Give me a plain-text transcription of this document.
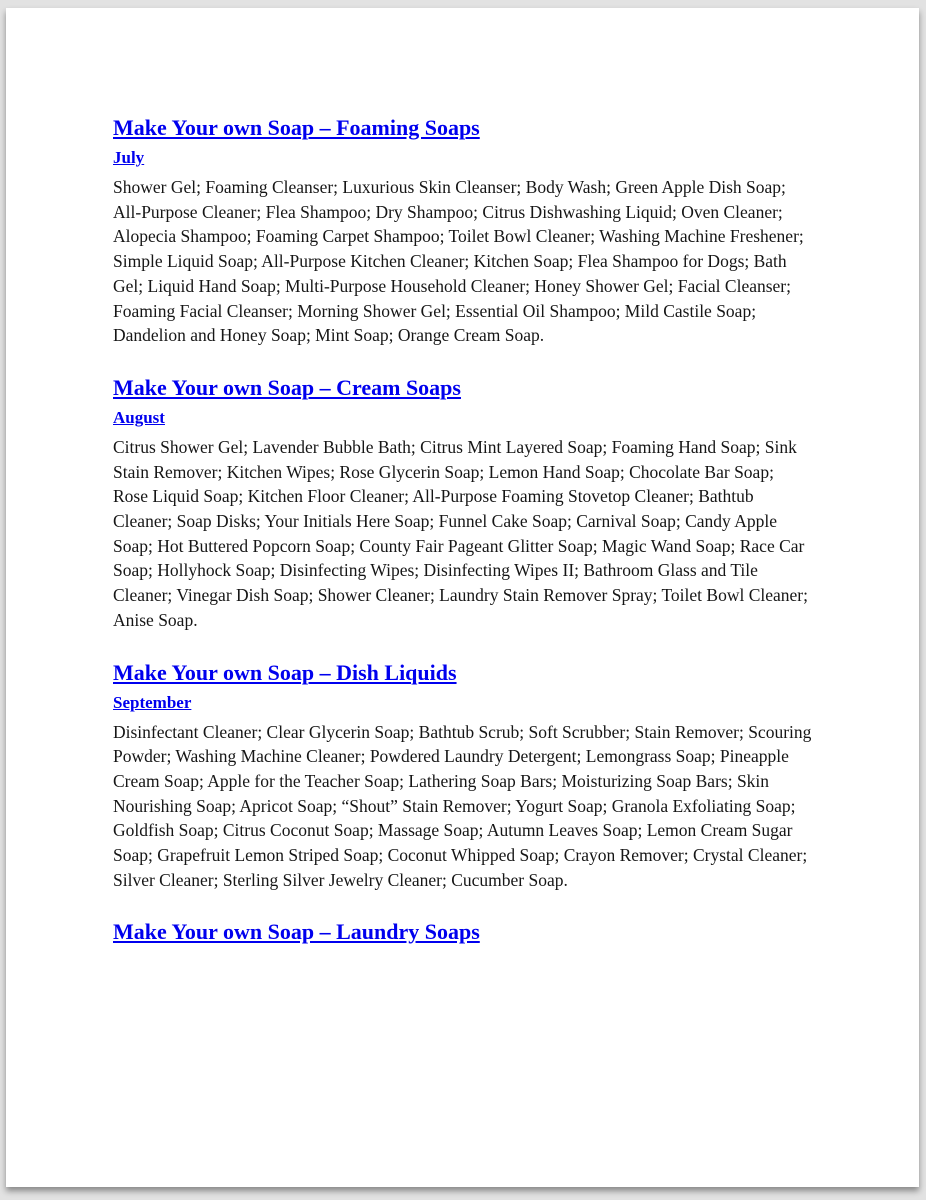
Make Your own Soap – Foaming Soaps
July

Shower Gel; Foaming Cleanser; Luxurious Skin Cleanser; Body Wash; Green Apple Dish Soap; All-Purpose Cleaner; Flea Shampoo; Dry Shampoo; Citrus Dishwashing Liquid; Oven Cleaner; Alopecia Shampoo; Foaming Carpet Shampoo; Toilet Bowl Cleaner; Washing Machine Freshener; Simple Liquid Soap; All-Purpose Kitchen Cleaner; Kitchen Soap; Flea Shampoo for Dogs; Bath Gel; Liquid Hand Soap; Multi-Purpose Household Cleaner; Honey Shower Gel; Facial Cleanser; Foaming Facial Cleanser; Morning Shower Gel; Essential Oil Shampoo; Mild Castile Soap; Dandelion and Honey Soap; Mint Soap; Orange Cream Soap.

Make Your own Soap – Cream Soaps
August

Citrus Shower Gel; Lavender Bubble Bath; Citrus Mint Layered Soap; Foaming Hand Soap; Sink Stain Remover; Kitchen Wipes; Rose Glycerin Soap; Lemon Hand Soap; Chocolate Bar Soap; Rose Liquid Soap; Kitchen Floor Cleaner; All-Purpose Foaming Stovetop Cleaner; Bathtub Cleaner; Soap Disks; Your Initials Here Soap; Funnel Cake Soap; Carnival Soap; Candy Apple Soap; Hot Buttered Popcorn Soap; County Fair Pageant Glitter Soap; Magic Wand Soap; Race Car Soap; Hollyhock Soap; Disinfecting Wipes; Disinfecting Wipes II; Bathroom Glass and Tile Cleaner; Vinegar Dish Soap; Shower Cleaner; Laundry Stain Remover Spray; Toilet Bowl Cleaner; Anise Soap.

Make Your own Soap – Dish Liquids
September

Disinfectant Cleaner; Clear Glycerin Soap; Bathtub Scrub; Soft Scrubber; Stain Remover; Scouring Powder; Washing Machine Cleaner; Powdered Laundry Detergent; Lemongrass Soap; Pineapple Cream Soap; Apple for the Teacher Soap; Lathering Soap Bars; Moisturizing Soap Bars; Skin Nourishing Soap; Apricot Soap; “Shout” Stain Remover; Yogurt Soap; Granola Exfoliating Soap; Goldfish Soap; Citrus Coconut Soap; Massage Soap; Autumn Leaves Soap; Lemon Cream Sugar Soap; Grapefruit Lemon Striped Soap; Coconut Whipped Soap; Crayon Remover; Crystal Cleaner; Silver Cleaner; Sterling Silver Jewelry Cleaner; Cucumber Soap.

Make Your own Soap – Laundry Soaps
